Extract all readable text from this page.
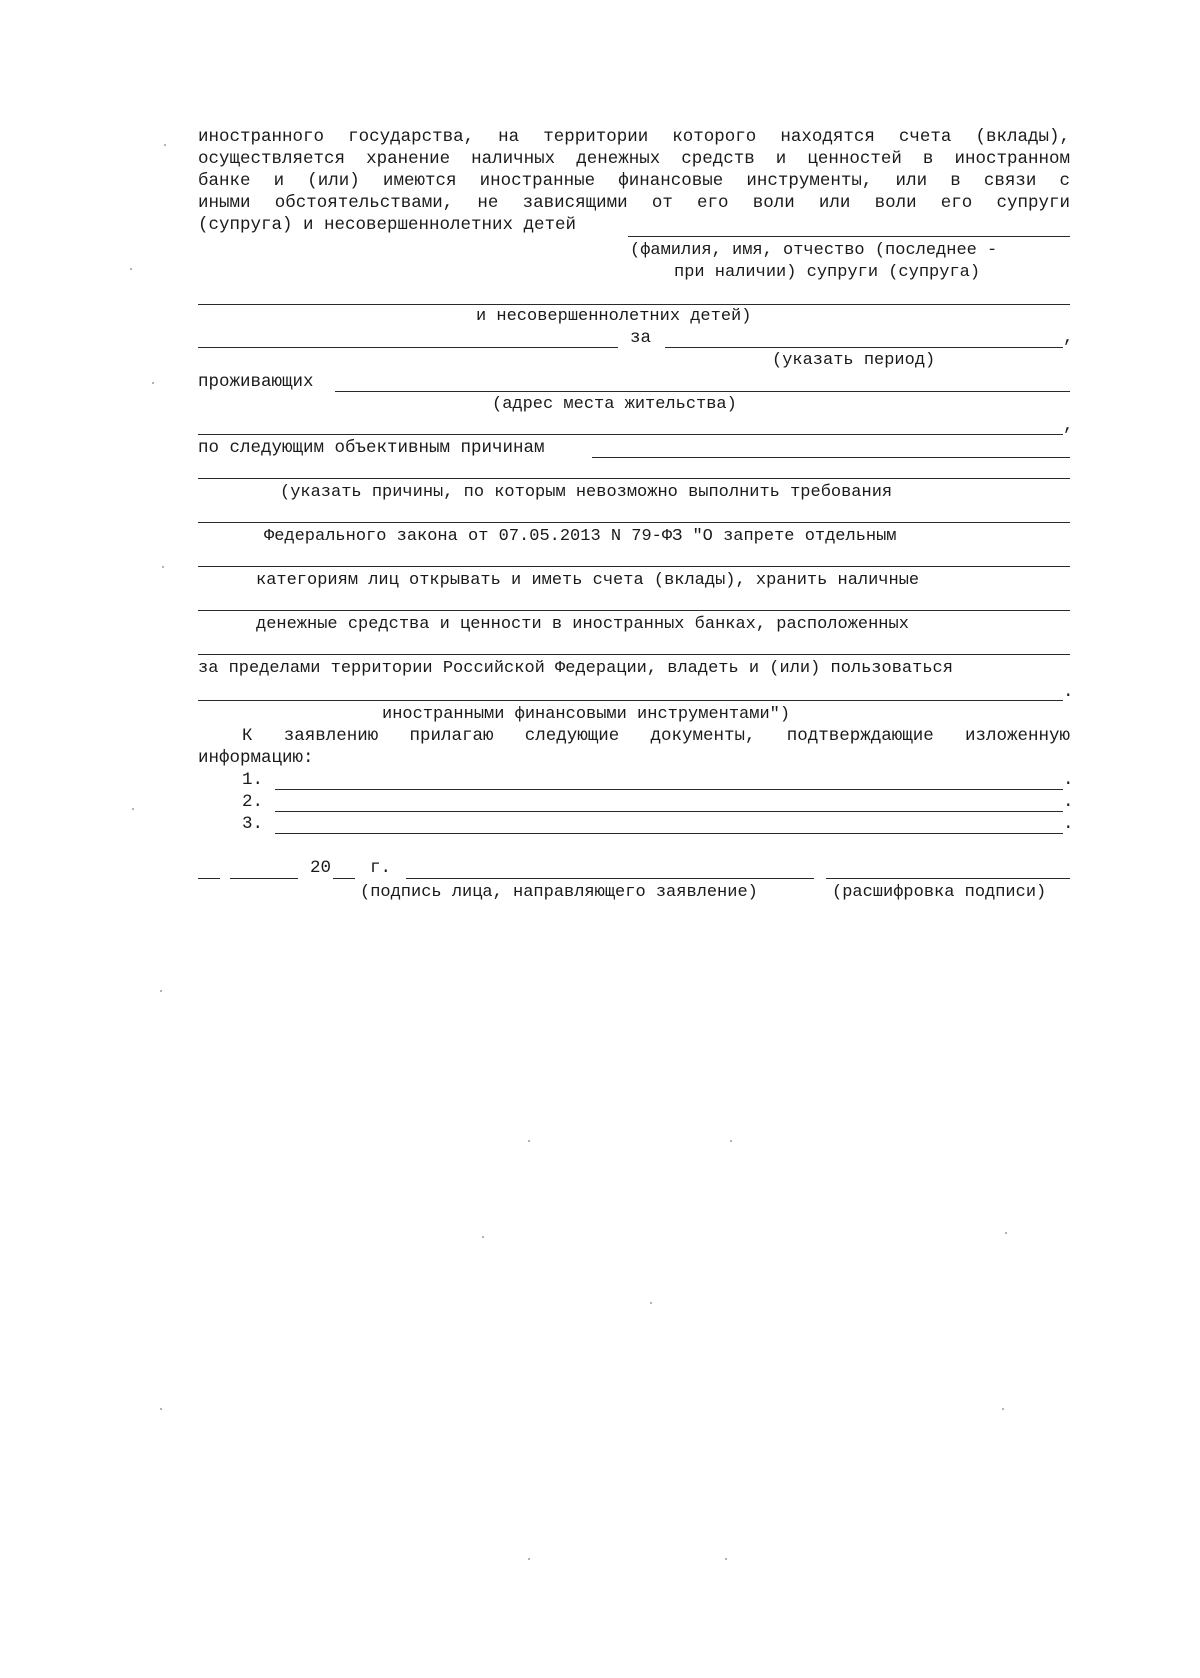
иностранного государства, на территории которого находятся счета (вклады),
осуществляется хранение наличных денежных средств и ценностей в иностранном
банке и (или) имеются иностранные финансовые инструменты, или в связи с
иными обстоятельствами, не зависящими от его воли или воли его супруги
(супруга) и несовершеннолетних детей
(фамилия, имя, отчество (последнее -
при наличии) супруги (супруга)
и несовершеннолетних детей)
за	,
(указать период)
проживающих
(адрес места жительства)
,
по следующим объективным причинам
(указать причины, по которым невозможно выполнить требования
Федерального закона от 07.05.2013 N 79-ФЗ "О запрете отдельным
категориям лиц открывать и иметь счета (вклады), хранить наличные
денежные средства и ценности в иностранных банках, расположенных
за пределами территории Российской Федерации, владеть и (или) пользоваться
.
иностранными финансовыми инструментами")
К заявлению прилагаю следующие документы, подтверждающие изложенную
информацию:
1.	.
2.	.
3.	.
20 г.
(подпись лица, направляющего заявление)	(расшифровка подписи)
